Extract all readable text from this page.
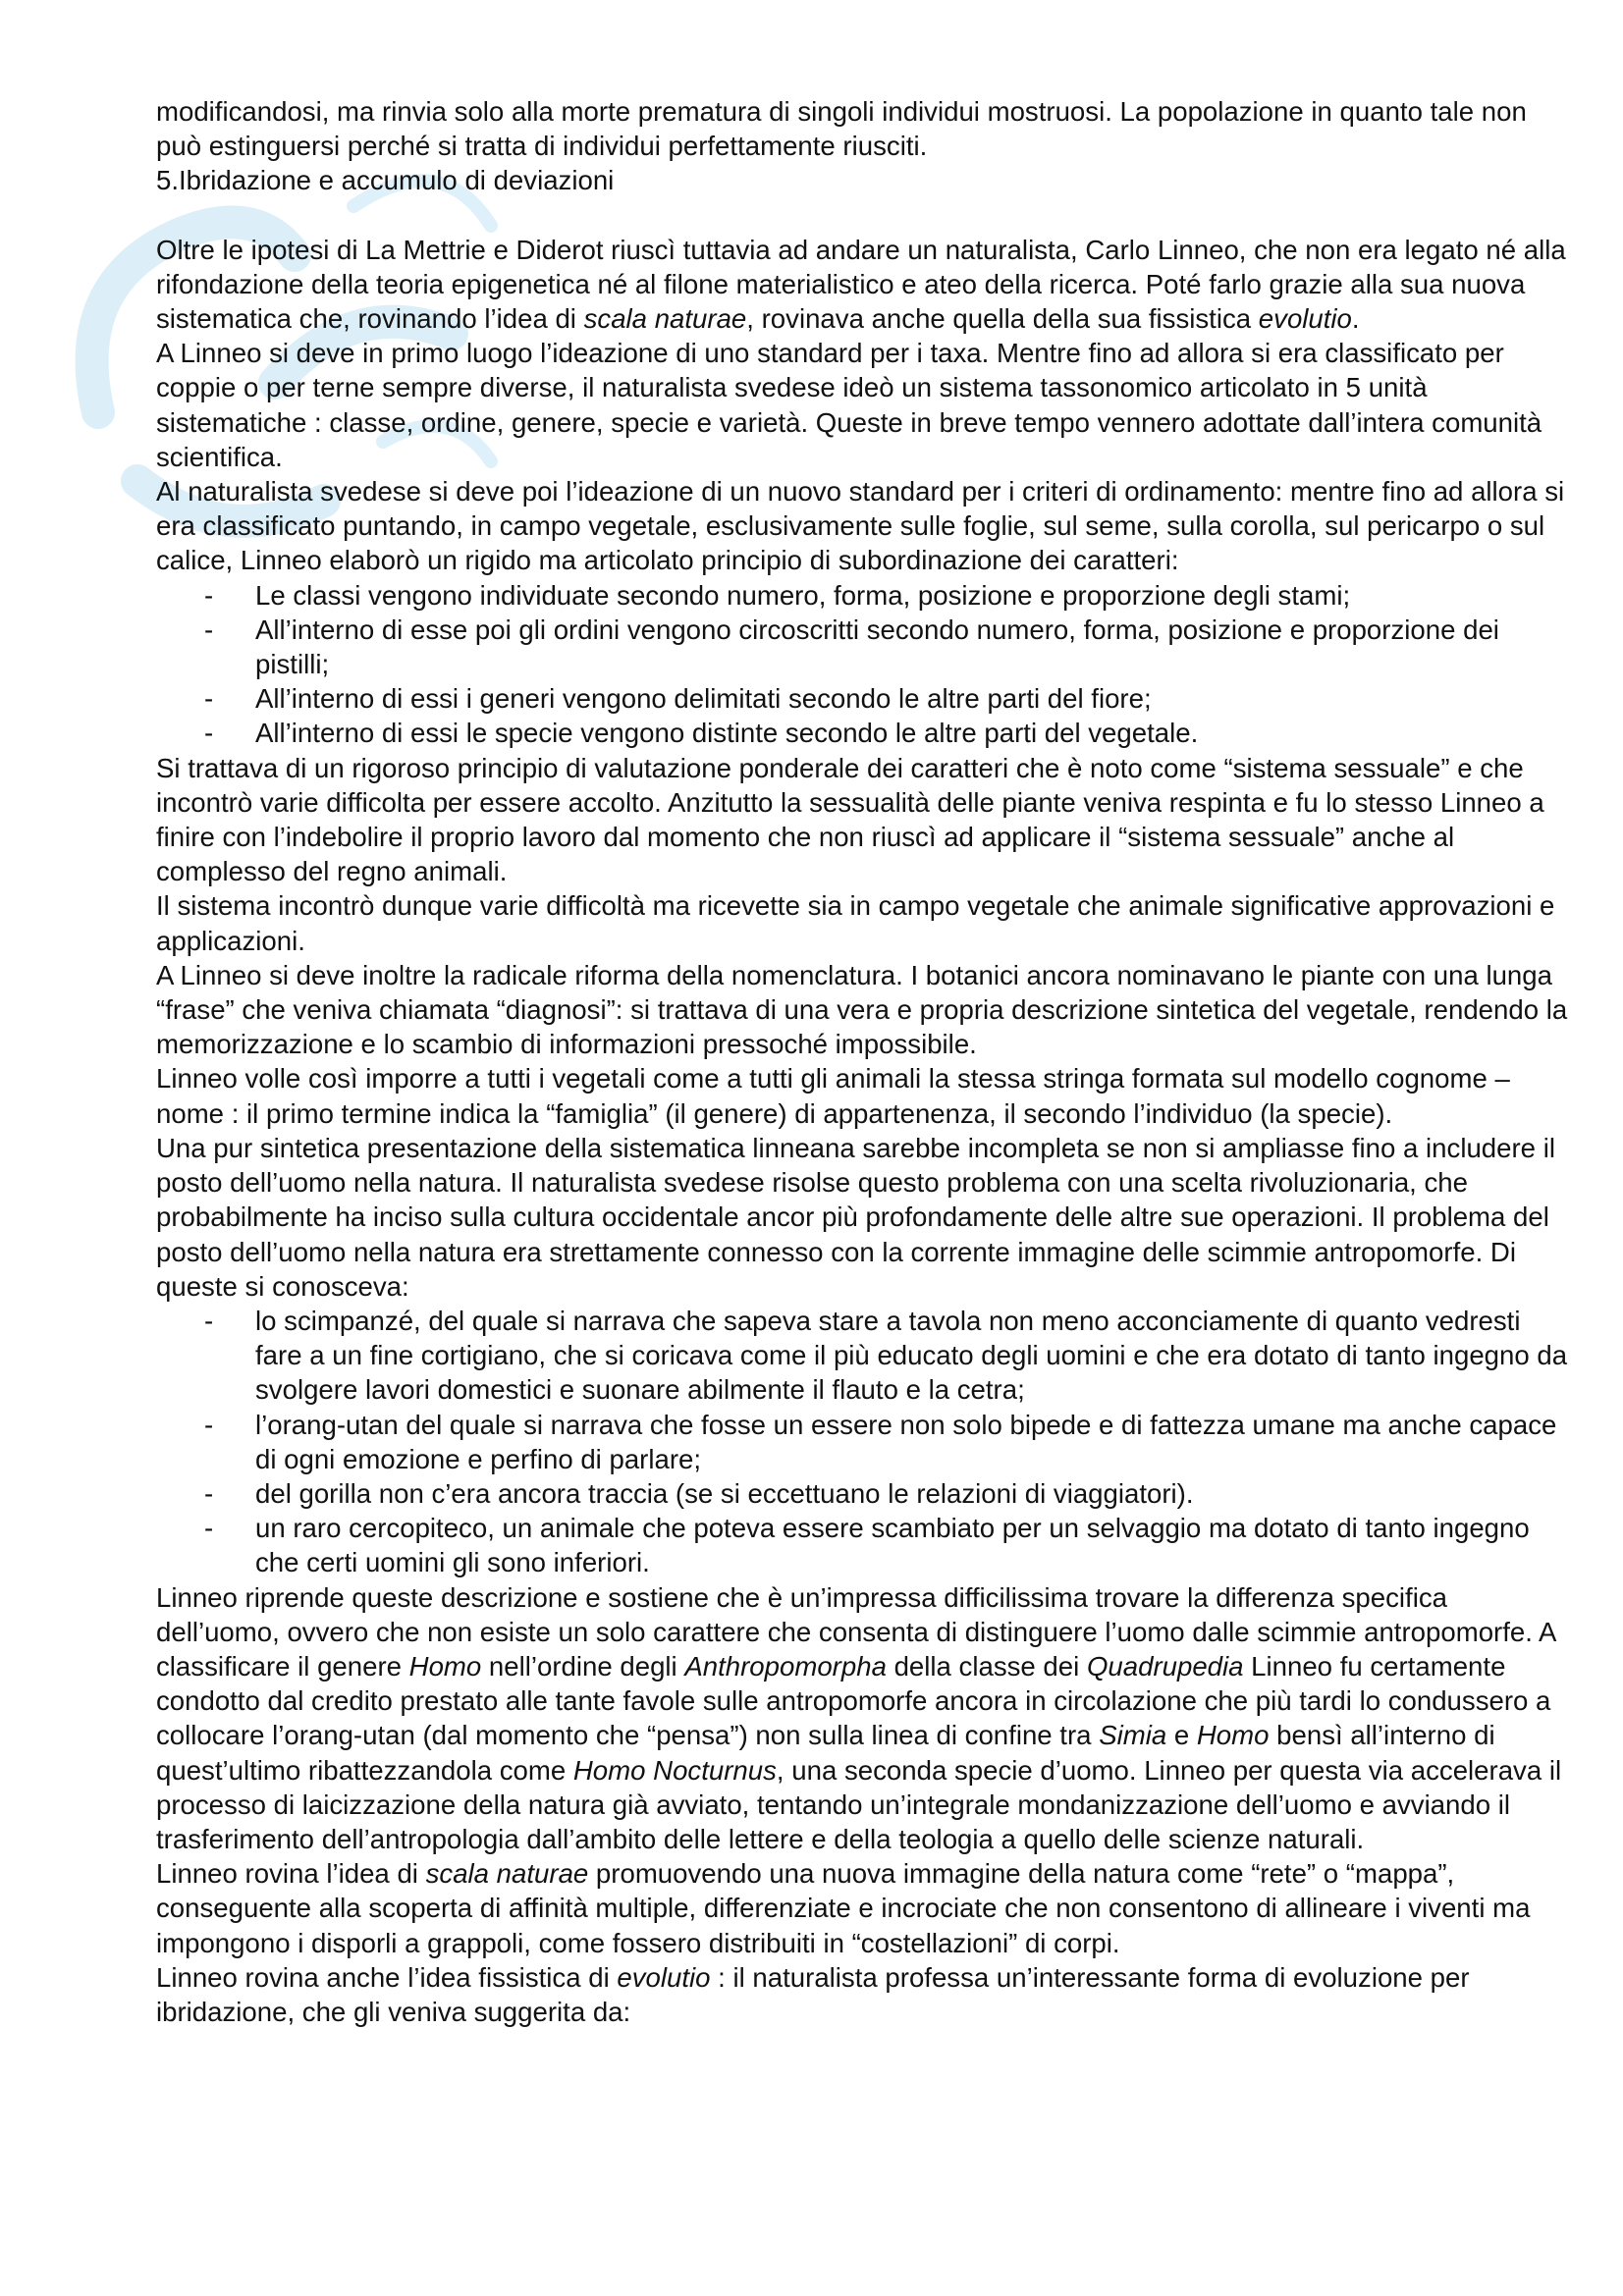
modificandosi, ma rinvia solo alla morte prematura di singoli individui mostruosi. La popolazione in quanto tale non può estinguersi perché si tratta di individui perfettamente riusciti.

5.Ibridazione e accumulo di deviazioni

Oltre le ipotesi di La Mettrie e Diderot riuscì tuttavia ad andare un naturalista, Carlo Linneo, che non era legato né alla rifondazione della teoria epigenetica né al filone materialistico e ateo della ricerca. Poté farlo grazie alla sua nuova sistematica che, rovinando l’idea di scala naturae, rovinava anche quella della sua fissistica evolutio.

A Linneo si deve in primo luogo l’ideazione di uno standard per i taxa. Mentre fino ad allora si era classificato per coppie o per terne sempre diverse, il naturalista svedese ideò un sistema tassonomico articolato in 5 unità sistematiche : classe, ordine, genere, specie e varietà. Queste in breve tempo vennero adottate dall’intera comunità scientifica.

Al naturalista svedese si deve poi l’ideazione di un nuovo standard per i criteri di ordinamento: mentre fino ad allora si era classificato puntando, in campo vegetale, esclusivamente sulle foglie, sul seme, sulla corolla, sul pericarpo o sul calice, Linneo elaborò un rigido ma articolato principio di subordinazione dei caratteri:

- Le classi vengono individuate secondo numero, forma, posizione e proporzione degli stami;
- All’interno di esse poi gli ordini vengono circoscritti secondo numero, forma, posizione e proporzione dei pistilli;
- All’interno di essi i generi vengono delimitati secondo le altre parti del fiore;
- All’interno di essi le specie vengono distinte secondo le altre parti del vegetale.

Si trattava di un rigoroso principio di valutazione ponderale dei caratteri che è noto come “sistema sessuale” e che incontrò varie difficolta per essere accolto. Anzitutto la sessualità delle piante veniva respinta e fu lo stesso Linneo a finire con l’indebolire il proprio lavoro dal momento che non riuscì ad applicare il “sistema sessuale” anche al complesso del regno animali.

Il sistema incontrò dunque varie difficoltà ma ricevette sia in campo vegetale che animale significative approvazioni e applicazioni.

A Linneo si deve inoltre la radicale riforma della nomenclatura. I botanici ancora nominavano le piante con una lunga “frase” che veniva chiamata “diagnosi”: si trattava di una vera e propria descrizione sintetica del vegetale, rendendo la memorizzazione e lo scambio di informazioni pressoché impossibile.

Linneo volle così imporre a tutti i vegetali come a tutti gli animali la stessa stringa formata sul modello cognome – nome : il primo termine indica la “famiglia” (il genere) di appartenenza, il secondo l’individuo (la specie).

Una pur sintetica presentazione della sistematica linneana sarebbe incompleta se non si ampliasse fino a includere il posto dell’uomo nella natura. Il naturalista svedese risolse questo problema con una scelta rivoluzionaria, che probabilmente ha inciso sulla cultura occidentale ancor più profondamente delle altre sue operazioni. Il problema del posto dell’uomo nella natura era strettamente connesso con la corrente immagine delle scimmie antropomorfe. Di queste si conosceva:

- lo scimpanzé, del quale si narrava che sapeva stare a tavola non meno acconciamente di quanto vedresti fare a un fine cortigiano, che si coricava come il più educato degli uomini e che era dotato di tanto ingegno da svolgere lavori domestici e suonare abilmente il flauto e la cetra;
- l’orang-utan del quale si narrava che fosse un essere non solo bipede e di fattezza umane ma anche capace di ogni emozione e perfino di parlare;
- del gorilla non c’era ancora traccia (se si eccettuano le relazioni di viaggiatori).
- un raro cercopiteco, un animale che poteva essere scambiato per un selvaggio ma dotato di tanto ingegno che certi uomini gli sono inferiori.

Linneo riprende queste descrizione e sostiene che è un’impressa difficilissima trovare la differenza specifica dell’uomo, ovvero che non esiste un solo carattere che consenta di distinguere l’uomo dalle scimmie antropomorfe. A classificare il genere Homo nell’ordine degli Anthropomorpha della classe dei Quadrupedia Linneo fu certamente condotto dal credito prestato alle tante favole sulle antropomorfe ancora in circolazione che più tardi lo condussero a collocare l’orang-utan (dal momento che “pensa”) non sulla linea di confine tra Simia e Homo bensì all’interno di quest’ultimo ribattezzandola come Homo Nocturnus, una seconda specie d’uomo. Linneo per questa via accelerava il processo di laicizzazione della natura già avviato, tentando un’integrale mondanizzazione dell’uomo e avviando il trasferimento dell’antropologia dall’ambito delle lettere e della teologia a quello delle scienze naturali.

Linneo rovina l’idea di scala naturae promuovendo una nuova immagine della natura come “rete” o “mappa”, conseguente alla scoperta di affinità multiple, differenziate e incrociate che non consentono di allineare i viventi ma impongono i disporli a grappoli, come fossero distribuiti in “costellazioni” di corpi.

Linneo rovina anche l’idea fissistica di evolutio : il naturalista professa un’interessante forma di evoluzione per ibridazione, che gli veniva suggerita da:
